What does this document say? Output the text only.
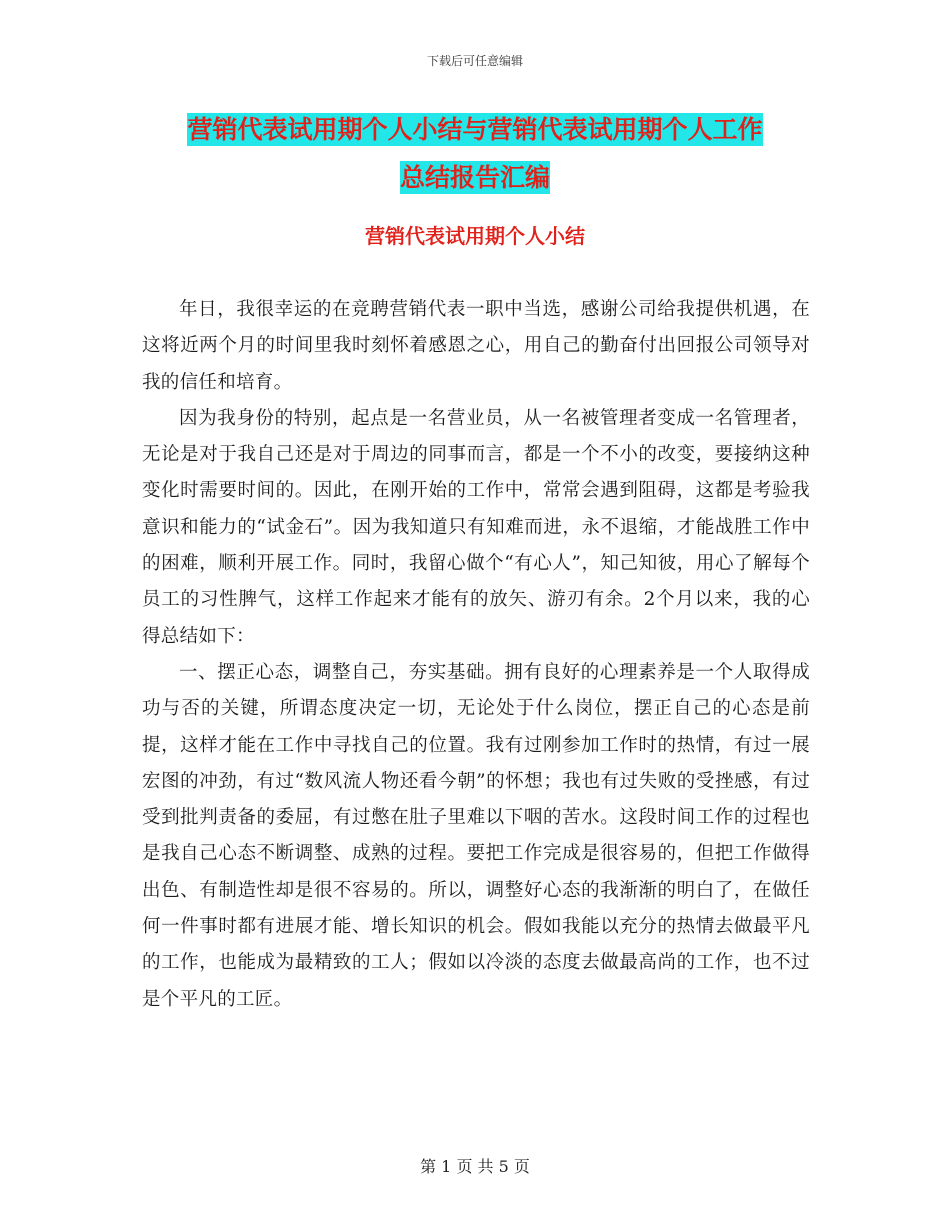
下载后可任意编辑
营销代表试用期个人小结与营销代表试用期个人工作
总结报告汇编
营销代表试用期个人小结

年日，我很幸运的在竞聘营销代表一职中当选，感谢公司给我提供机遇，在这将近两个月的时间里我时刻怀着感恩之心，用自己的勤奋付出回报公司领导对我的信任和培育。

因为我身份的特别，起点是一名营业员，从一名被管理者变成一名管理者，无论是对于我自己还是对于周边的同事而言，都是一个不小的改变，要接纳这种变化时需要时间的。因此，在刚开始的工作中，常常会遇到阻碍，这都是考验我意识和能力的“试金石”。因为我知道只有知难而进，永不退缩，才能战胜工作中的困难，顺利开展工作。同时，我留心做个“有心人”，知己知彼，用心了解每个员工的习性脾气，这样工作起来才能有的放矢、游刃有余。2个月以来，我的心得总结如下：

一、摆正心态，调整自己，夯实基础。拥有良好的心理素养是一个人取得成功与否的关键，所谓态度决定一切，无论处于什么岗位，摆正自己的心态是前提，这样才能在工作中寻找自己的位置。我有过刚参加工作时的热情，有过一展宏图的冲劲，有过“数风流人物还看今朝”的怀想；我也有过失败的受挫感，有过受到批判责备的委屈，有过憋在肚子里难以下咽的苦水。这段时间工作的过程也是我自己心态不断调整、成熟的过程。要把工作完成是很容易的，但把工作做得出色、有制造性却是很不容易的。所以，调整好心态的我渐渐的明白了，在做任何一件事时都有进展才能、增长知识的机会。假如我能以充分的热情去做最平凡的工作，也能成为最精致的工人；假如以冷淡的态度去做最高尚的工作，也不过是个平凡的工匠。

第 1 页 共 5 页
